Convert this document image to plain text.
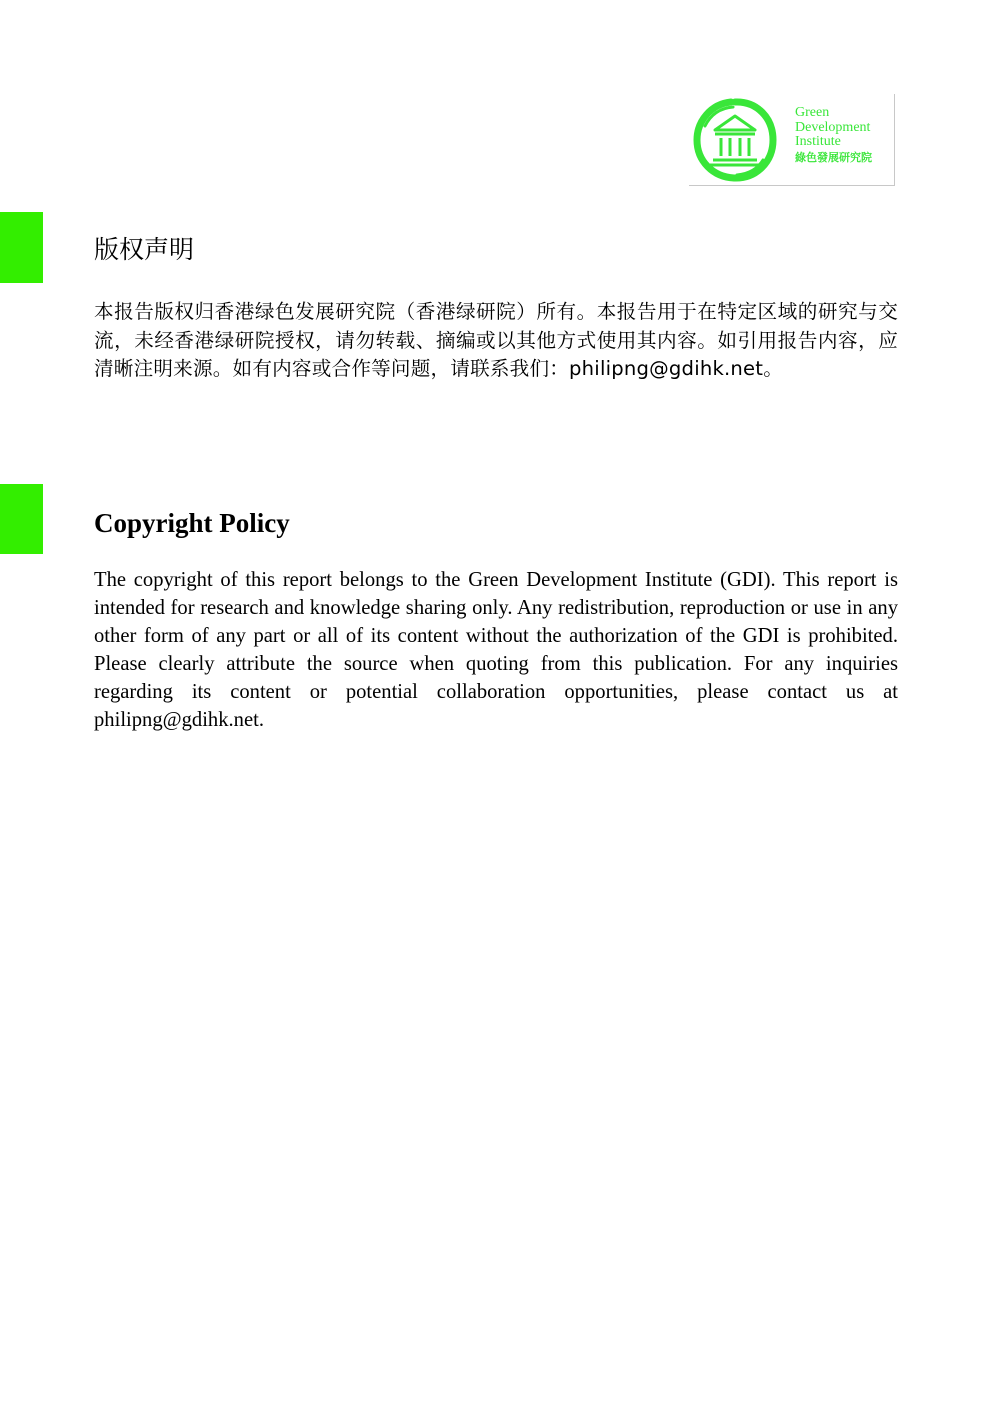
Green
Development
Institute
綠色發展研究院
版权声明

本报告版权归香港绿色发展研究院（香港绿研院）所有。本报告用于在特定区域的研究与交流，未经香港绿研院授权，请勿转载、摘编或以其他方式使用其内容。如引用报告内容，应清晰注明来源。如有内容或合作等问题，请联系我们：philipng@gdihk.net。

Copyright Policy

The copyright of this report belongs to the Green Development Institute (GDI). This report is intended for research and knowledge sharing only. Any redistribution, reproduction or use in any other form of any part or all of its content without the authorization of the GDI is prohibited. Please clearly attribute the source when quoting from this publication. For any inquiries regarding its content or potential collaboration opportunities, please contact us at philipng@gdihk.net.
